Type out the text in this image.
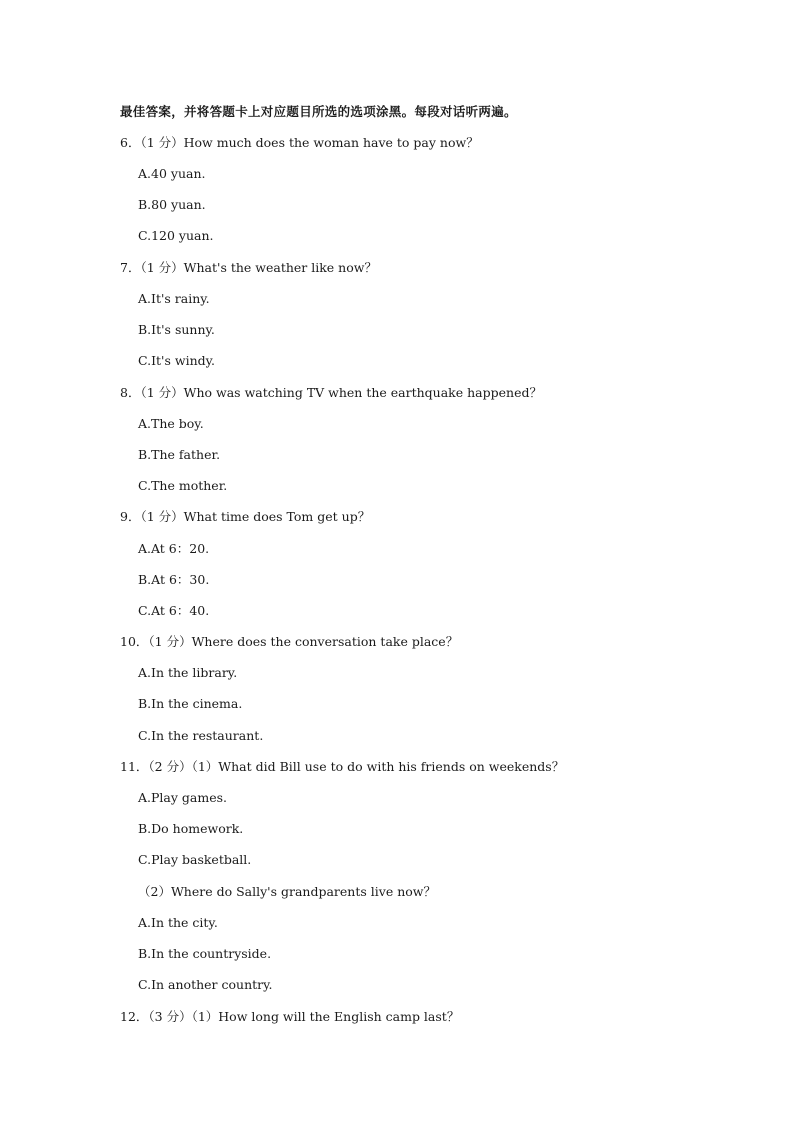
最佳答案，并将答题卡上对应题目所选的选项涂黑。每段对话听两遍。
6．（1 分）How much does the woman have to pay now？
A.40 yuan.
B.80 yuan.
C.120 yuan.
7．（1 分）What's the weather like now？
A.It's rainy.
B.It's sunny.
C.It's windy.
8．（1 分）Who was watching TV when the earthquake happened？
A.The boy.
B.The father.
C.The mother.
9．（1 分）What time does Tom get up？
A.At 6：20.
B.At 6：30.
C.At 6：40.
10．（1 分）Where does the conversation take place？
A.In the library.
B.In the cinema.
C.In the restaurant.
11．（2 分）（1）What did Bill use to do with his friends on weekends？
A.Play games.
B.Do homework.
C.Play basketball.
（2）Where do Sally's grandparents live now？
A.In the city.
B.In the countryside.
C.In another country.
12．（3 分）（1）How long will the English camp last？
